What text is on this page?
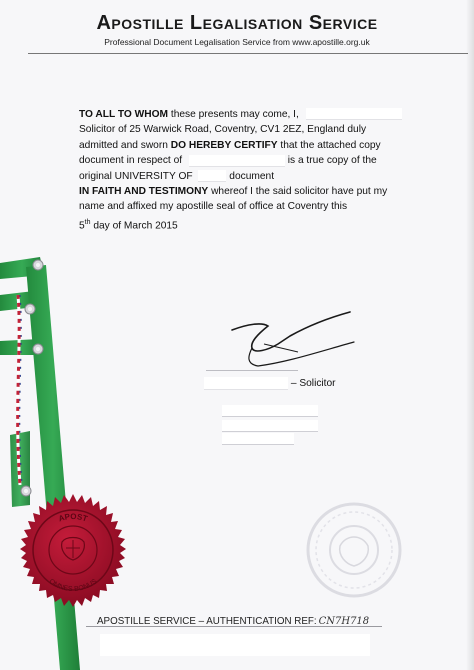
Apostille Legalisation Service
Professional Document Legalisation Service from www.apostille.org.uk
TO ALL TO WHOM these presents may come, I,
Solicitor of 25 Warwick Road, Coventry, CV1 2EZ, England duly
admitted and sworn DO HEREBY CERTIFY that the attached copy
document in respect of	is a true copy of the
original UNIVERSITY OF	document
IN FAITH AND TESTIMONY whereof I the said solicitor have put my
name and affixed my apostille seal of office at Coventry this
5th day of March 2015
– Solicitor
APOST
OMNES BONUS
APOSTILLE SERVICE – AUTHENTICATION REF: CN7H718
